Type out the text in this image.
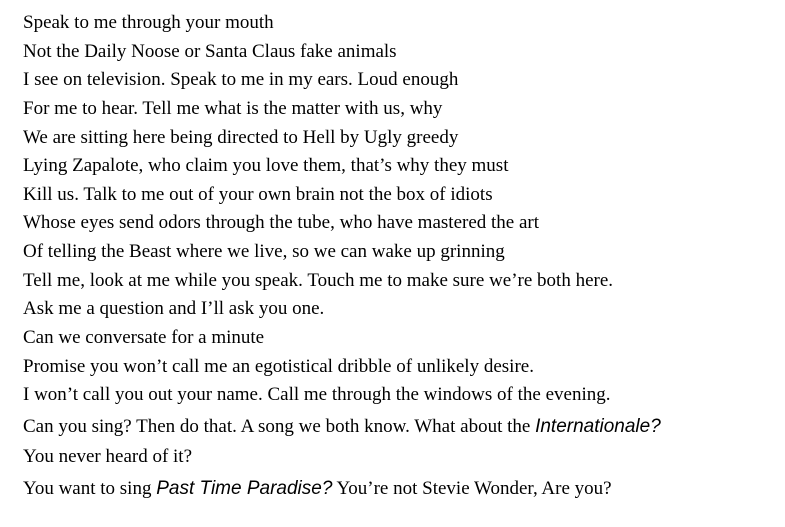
Speak to me through your mouth
Not the Daily Noose or Santa Claus fake animals
I see on television. Speak to me in my ears. Loud enough
For me to hear. Tell me what is the matter with us, why
We are sitting here being directed to Hell by Ugly greedy
Lying Zapalote, who claim you love them, that’s why they must
Kill us. Talk to me out of your own brain not the box of idiots
Whose eyes send odors through the tube, who have mastered the art
Of telling the Beast where we live, so we can wake up grinning
Tell me, look at me while you speak. Touch me to make sure we’re both here.
Ask me a question and I’ll ask you one.
Can we conversate for a minute
Promise you won’t call me an egotistical dribble of unlikely desire.
I won’t call you out your name. Call me through the windows of the evening.
Can you sing? Then do that. A song we both know. What about the Internationale?
You never heard of it?
You want to sing Past Time Paradise? You’re not Stevie Wonder, Are you?
